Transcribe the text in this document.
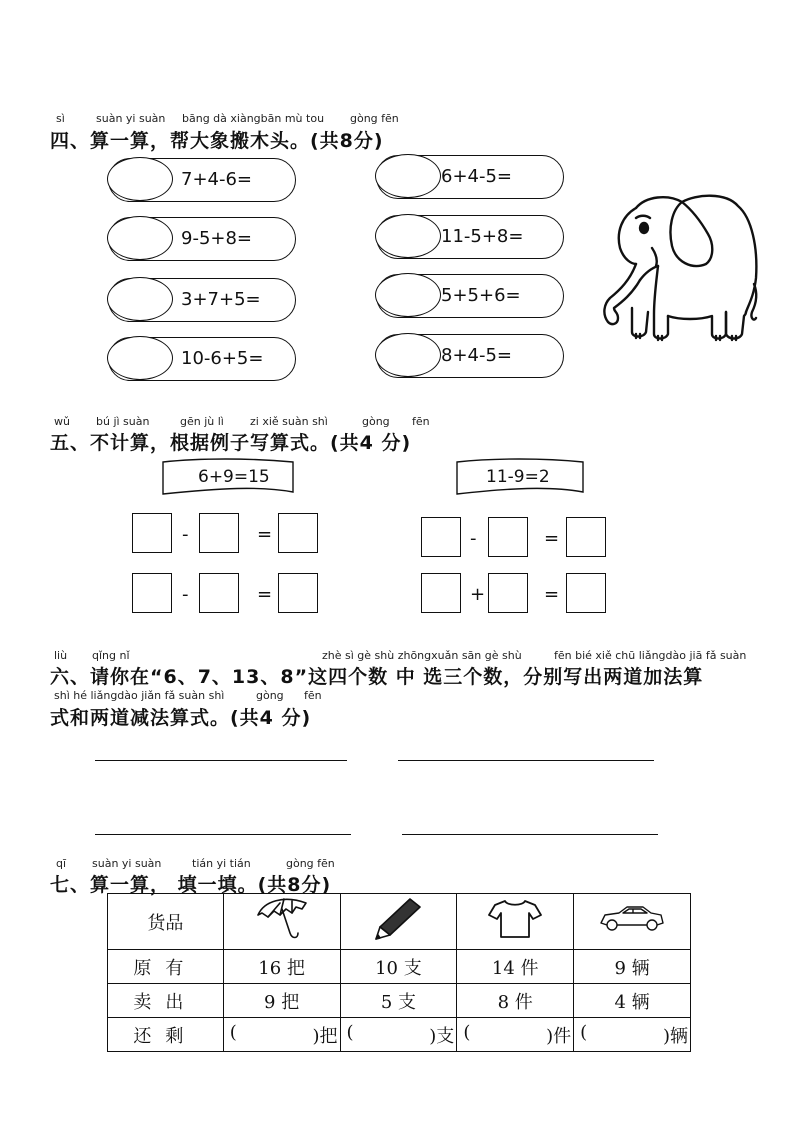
sì	suàn yi suàn bāng dà xiàngbān mù tou gòng fēn
四、算一算，帮大象搬木头。(共8分)
7+4-6=
9-5+8=
3+7+5=
10-6+5=
6+4-5=
11-5+8=
5+5+6=
8+4-5=
wǔ bú jì suàn	gēn jù lì zi xiě suàn shì	gòng fēn
五、不计算，根据例子写算式。(共4 分)
6+9=15	11-9=2
-	=
-	=
-	=
+	=
liù qǐng nǐ	zhè sì gè shù zhōngxuǎn sān gè shù	fēn bié xiě chū liǎngdào jiā fǎ suàn
六、请你在“6、7、13、8”这四个数 中 选三个数，分别写出两道加法算
shì hé liǎngdào jiǎn fǎ suàn shì	gòng fēn
式和两道减法算式。(共4 分)
qī suàn yi suàn	tián yi tián	gòng fēn
七、算一算， 填一填。(共8分)
货品				
原有	16 把	10 支	14 件	9 辆
卖出	9 把	5 支	8 件	4 辆
还剩	( )把	( )支	( )件	( )辆
